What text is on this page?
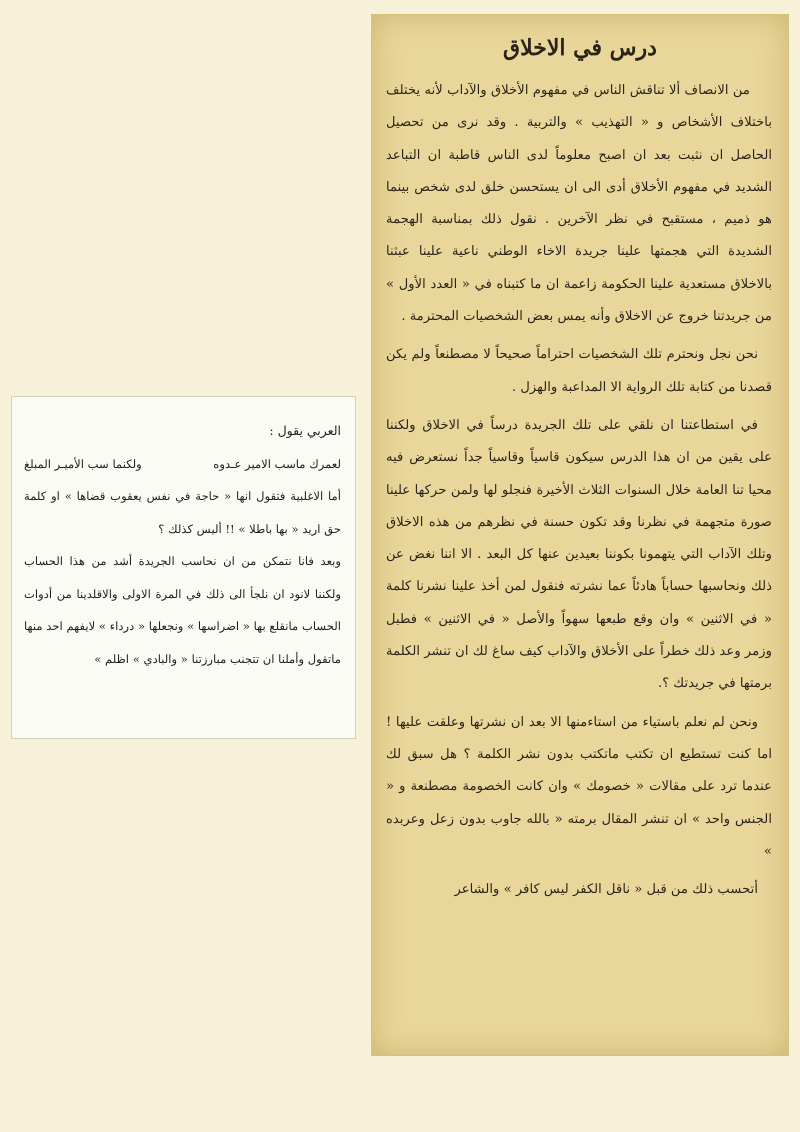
درس في الاخلاق

من الانصاف ألا تناقش الناس في مفهوم الأخلاق والآداب لأنه يختلف باختلاف الأشخاص و « التهذيب » والتربية . وقد نرى من تحصيل الحاصل ان نثبت بعد ان اصبح معلوماً لدى الناس قاطبة ان التباعد الشديد في مفهوم الأخلاق أدى الى ان يستحسن خلق لدى شخص بينما هو ذميم ، مستقبح في نظر الآخرين . نقول ذلك بمناسبة الهجمة الشديدة التي هجمتها علينا جريدة الاخاء الوطني ناعية علينا عبثنا بالاخلاق مستعدية علينا الحكومة زاعمة ان ما كتبناه في « العدد الأول » من جريدتنا خروج عن الاخلاق وأنه يمس بعض الشخصيات المحترمة .

نحن نجل ونحترم تلك الشخصيات احتراماً صحيحاً لا مصطنعاً ولم يكن قصدنا من كتابة تلك الرواية الا المداعبة والهزل .

في استطاعتنا ان نلقي على تلك الجريدة درساً في الاخلاق ولكننا على يقين من ان هذا الدرس سيكون قاسياً وقاسياً جداً نستعرض فيه محيا تنا العامة خلال السنوات الثلاث الأخيرة فنجلو لها ولمن حركها علينا صورة متجهمة في نظرنا وقد تكون حسنة في نظرهم من هذه الاخلاق وتلك الآداب التي يتهمونا بكوننا بعيدين عنها كل البعد . الا اننا نغض عن ذلك ونحاسبها حساباً هادئاً عما نشرته فنقول لمن أخذ علينا نشرنا كلمة « في الاثنين » وان وقع طبعها سهواً والأصل « في الاثنين » فطبل وزمر وعد ذلك خطراً على الأخلاق والآداب كيف ساغ لك ان تنشر الكلمة برمتها في جريدتك ؟.

ونحن لم نعلم باستياء من استاءمنها الا بعد ان نشرتها وعلقت عليها ! اما كنت تستطيع ان تكتب ماتكتب بدون نشر الكلمة ؟ هل سبق لك عندما ترد على مقالات « خصومك » وان كانت الخصومة مصطنعة و « الجنس واحد » ان تنشر المقال برمته « بالله جاوب بدون زعل وعربده »

أتحسب ذلك من قبل « ناقل الكفر ليس كافر » والشاعر

العربي يقول :

لعمرك ماسب الامير عـدوه
ولكنما سب الأميـر المبلغ

أما الاغلبية فتقول انها « حاجة في نفس يعقوب قضاها » او كلمة حق اريد « بها باطلا » !! أليس كذلك ؟

وبعد فانا نتمكن من ان نحاسب الجريدة أشد من هذا الحساب ولكننا لانود ان نلجأ الى ذلك في المرة الاولى والاقلدينا من أدوات الحساب مانقلع بها « اضراسها » ونجعلها « درداء » لايفهم احد منها ماتقول وأملنا ان تتجنب مبارزتنا « والبادي » اظلم »
